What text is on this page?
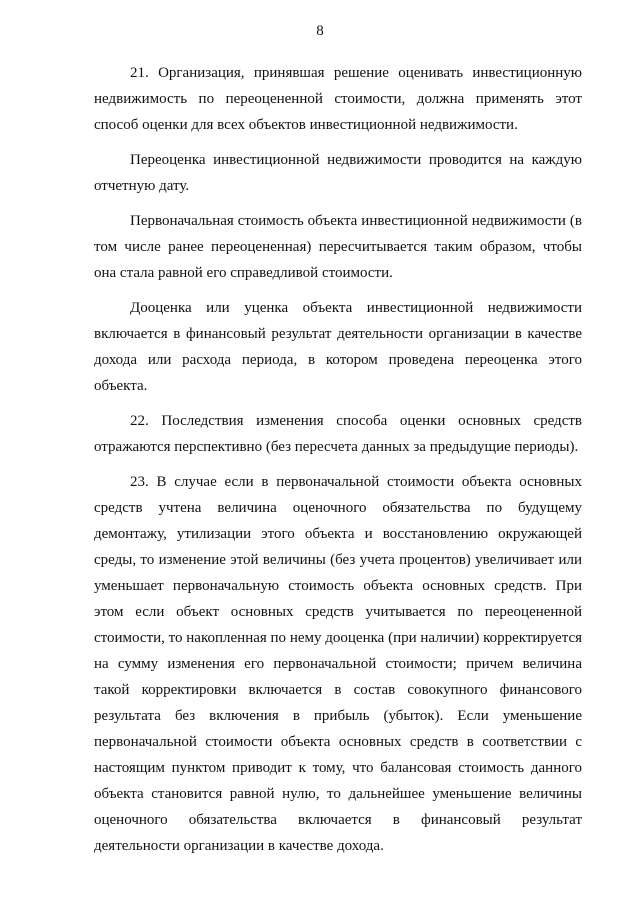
8

21. Организация, принявшая решение оценивать инвестиционную недвижимость по переоцененной стоимости, должна применять этот способ оценки для всех объектов инвестиционной недвижимости.

Переоценка инвестиционной недвижимости проводится на каждую отчетную дату.

Первоначальная стоимость объекта инвестиционной недвижимости (в том числе ранее переоцененная) пересчитывается таким образом, чтобы она стала равной его справедливой стоимости.

Дооценка или уценка объекта инвестиционной недвижимости включается в финансовый результат деятельности организации в качестве дохода или расхода периода, в котором проведена переоценка этого объекта.

22. Последствия изменения способа оценки основных средств отражаются перспективно (без пересчета данных за предыдущие периоды).

23. В случае если в первоначальной стоимости объекта основных средств учтена величина оценочного обязательства по будущему демонтажу, утилизации этого объекта и восстановлению окружающей среды, то изменение этой величины (без учета процентов) увеличивает или уменьшает первоначальную стоимость объекта основных средств. При этом если объект основных средств учитывается по переоцененной стоимости, то накопленная по нему дооценка (при наличии) корректируется на сумму изменения его первоначальной стоимости; причем величина такой корректировки включается в состав совокупного финансового результата без включения в прибыль (убыток). Если уменьшение первоначальной стоимости объекта основных средств в соответствии с настоящим пунктом приводит к тому, что балансовая стоимость данного объекта становится равной нулю, то дальнейшее уменьшение величины оценочного обязательства включается в финансовый результат деятельности организации в качестве дохода.
